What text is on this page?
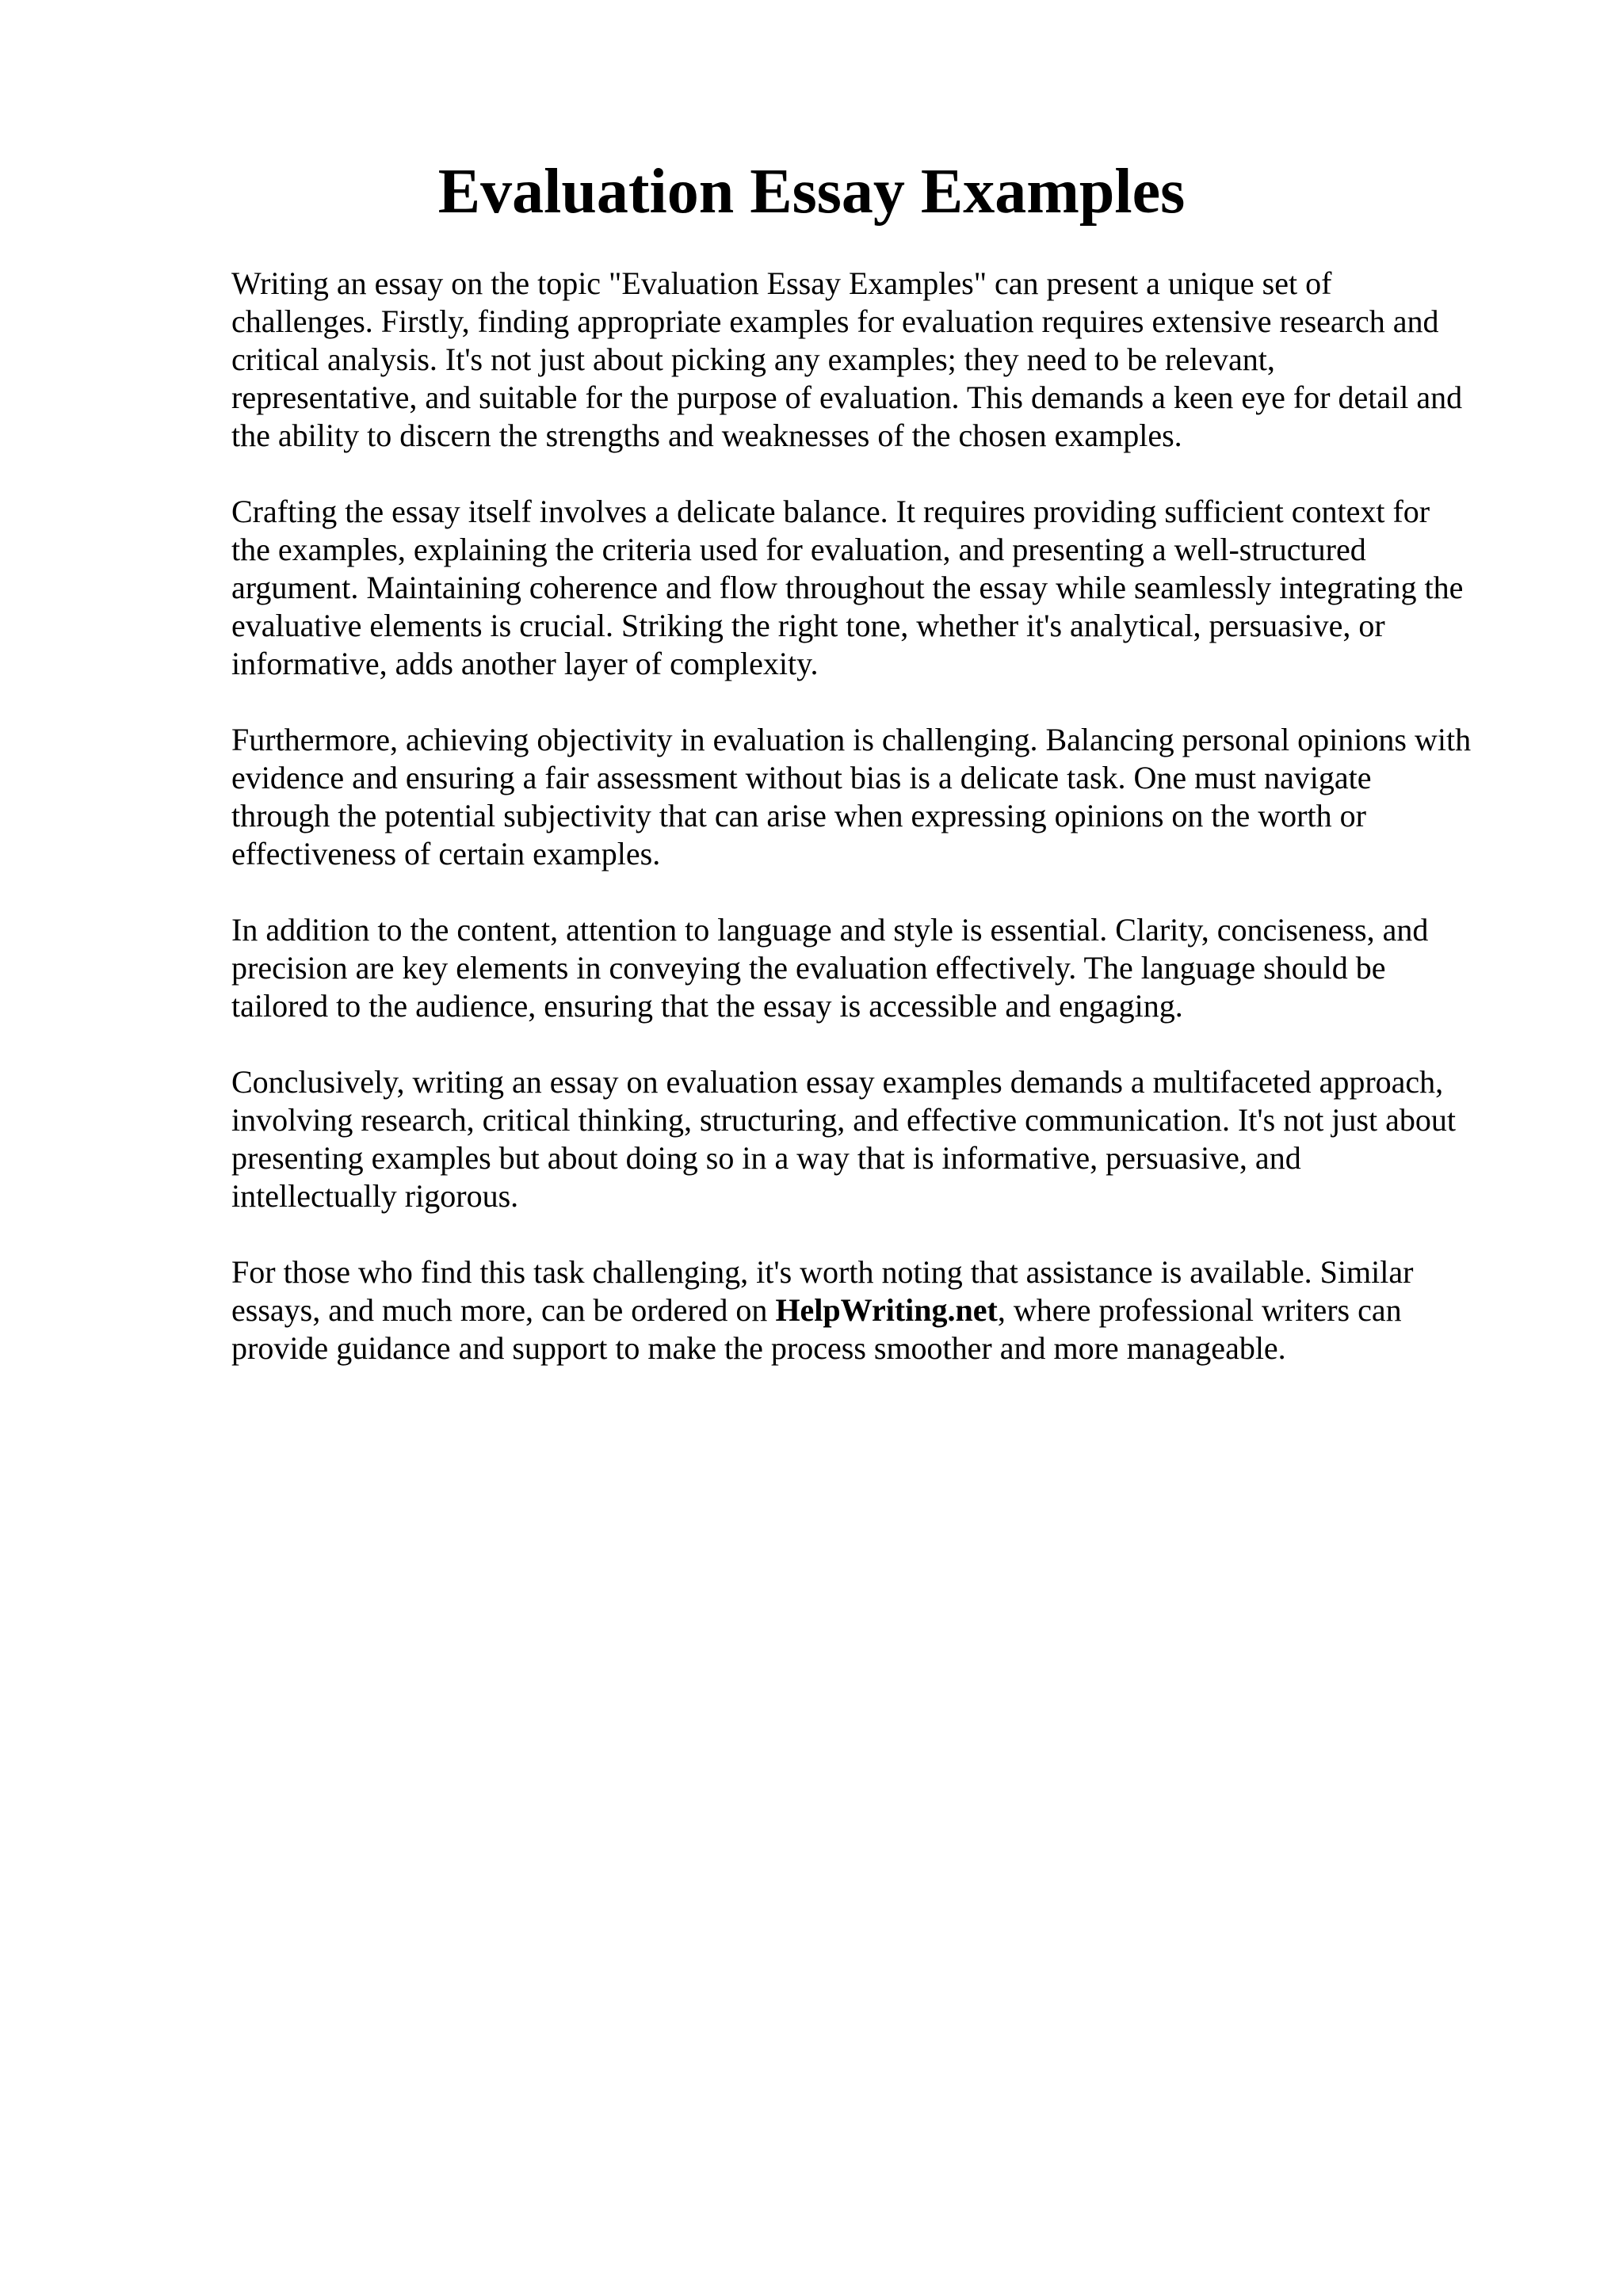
Evaluation Essay Examples

Writing an essay on the topic "Evaluation Essay Examples" can present a unique set of
challenges. Firstly, finding appropriate examples for evaluation requires extensive research and
critical analysis. It's not just about picking any examples; they need to be relevant,
representative, and suitable for the purpose of evaluation. This demands a keen eye for detail and
the ability to discern the strengths and weaknesses of the chosen examples.

Crafting the essay itself involves a delicate balance. It requires providing sufficient context for
the examples, explaining the criteria used for evaluation, and presenting a well-structured
argument. Maintaining coherence and flow throughout the essay while seamlessly integrating the
evaluative elements is crucial. Striking the right tone, whether it's analytical, persuasive, or
informative, adds another layer of complexity.

Furthermore, achieving objectivity in evaluation is challenging. Balancing personal opinions with
evidence and ensuring a fair assessment without bias is a delicate task. One must navigate
through the potential subjectivity that can arise when expressing opinions on the worth or
effectiveness of certain examples.

In addition to the content, attention to language and style is essential. Clarity, conciseness, and
precision are key elements in conveying the evaluation effectively. The language should be
tailored to the audience, ensuring that the essay is accessible and engaging.

Conclusively, writing an essay on evaluation essay examples demands a multifaceted approach,
involving research, critical thinking, structuring, and effective communication. It's not just about
presenting examples but about doing so in a way that is informative, persuasive, and
intellectually rigorous.

For those who find this task challenging, it's worth noting that assistance is available. Similar
essays, and much more, can be ordered on HelpWriting.net, where professional writers can
provide guidance and support to make the process smoother and more manageable.
